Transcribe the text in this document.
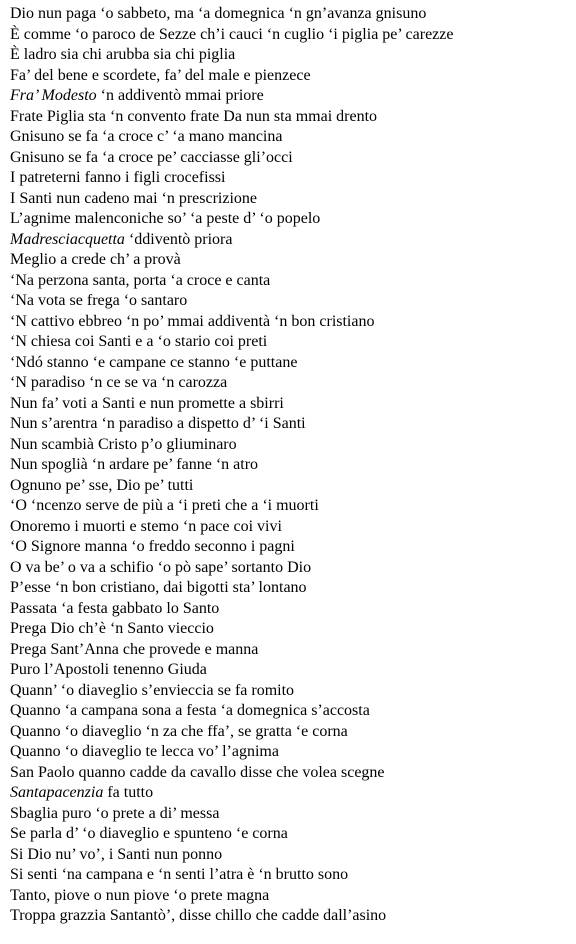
Dio nun paga ‘o sabbeto, ma ‘a domegnica ‘n gn’avanza gnisuno
È comme ‘o paroco de Sezze ch’i cauci ‘n cuglio ‘i piglia pe’ carezze
È ladro sia chi arubba sia chi piglia
Fa’ del bene e scordete, fa’ del male e pienzece
Fra’ Modesto ‘n addiventò mmai priore
Frate Piglia sta ‘n convento frate Da nun sta mmai drento
Gnisuno se fa ‘a croce c’ ‘a mano mancina
Gnisuno se fa ‘a croce pe’ cacciasse gli’occi
I patreterni fanno i figli crocefissi
I Santi nun cadeno mai ‘n prescrizione
L’agnime malenconiche so’ ‘a peste d’ ‘o popelo
Madresciacquetta ‘ddiventò priora
Meglio a crede ch’ a provà
‘Na perzona santa, porta ‘a croce e canta
‘Na vota se frega ‘o santaro
‘N cattivo ebbreo ‘n po’ mmai addiventà ‘n bon cristiano
‘N chiesa coi Santi e a ‘o stario coi preti
‘Ndó stanno ‘e campane ce stanno ‘e puttane
‘N paradiso ‘n ce se va ‘n carozza
Nun fa’ voti a Santi e nun promette a sbirri
Nun s’arentra ‘n paradiso a dispetto d’ ‘i Santi
Nun scambià Cristo p’o gliuminaro
Nun spoglià ‘n ardare pe’ fanne ‘n atro
Ognuno pe’ sse, Dio pe’ tutti
‘O ‘ncenzo serve de più a ‘i preti che a ‘i muorti
Onoremo i muorti e stemo ‘n pace coi vivi
‘O Signore manna ‘o freddo seconno i pagni
O va be’ o va a schifio ‘o pò sape’ sortanto Dio
P’esse ‘n bon cristiano, dai bigotti sta’ lontano
Passata ‘a festa gabbato lo Santo
Prega Dio ch’è ‘n Santo vieccio
Prega Sant’Anna che provede e manna
Puro l’Apostoli tenenno Giuda
Quann’ ‘o diaveglio s’envieccia se fa romito
Quanno ‘a campana sona a festa ‘a domegnica s’accosta
Quanno ‘o diaveglio ‘n za che ffa’, se gratta ‘e corna
Quanno ‘o diaveglio te lecca vo’ l’agnima
San Paolo quanno cadde da cavallo disse che volea scegne
Santapacenzia fa tutto
Sbaglia puro ‘o prete a di’ messa
Se parla d’ ‘o diaveglio e spunteno ‘e corna
Si Dio nu’ vo’, i Santi nun ponno
Si senti ‘na campana e ‘n senti l’atra è ‘n brutto sono
Tanto, piove o nun piove ‘o prete magna
Troppa grazzia Santantò’, disse chillo che cadde dall’asino
